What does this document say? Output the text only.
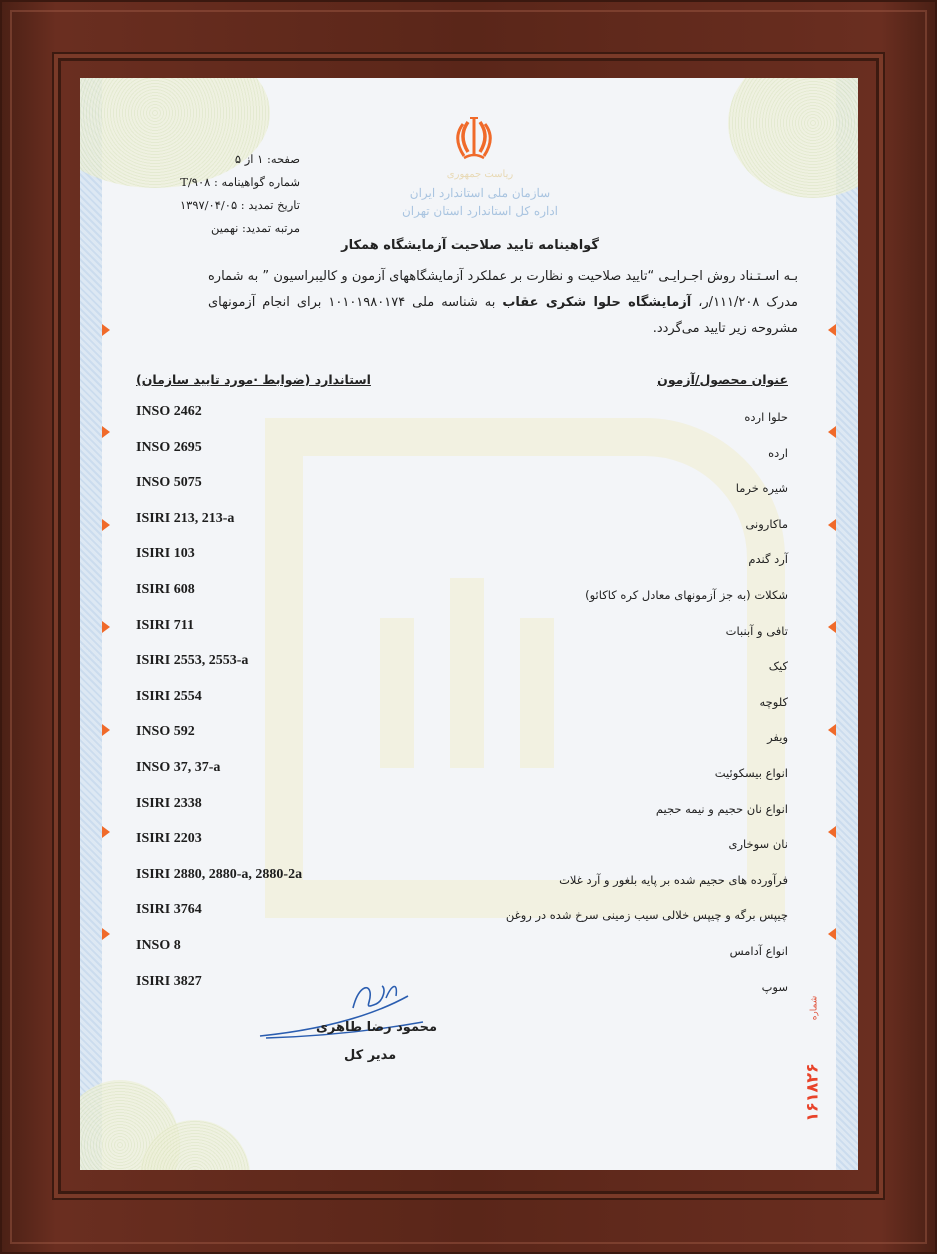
ریاست جمهوری
سازمان ملی استاندارد ایران
اداره کل استاندارد استان تهران
صفحه: ۱ از ۵
شماره گواهینامه : T/۹۰۸
تاریخ تمدید : ۱۳۹۷/۰۴/۰۵
مرتبه تمدید: نهمین
گواهینامه تایید صلاحیت آزمایشگاه همکار
بـه اسـتـناد روش اجـرایـی “تایید صلاحیت و نظارت بر عملکرد آزمایشگاههای آزمون و کالیبراسیون ” به شماره مدرک ۱۱۱/۲۰۸/ر، آزمایشگاه حلوا شکری عقاب به شناسه ملی ۱۰۱۰۱۹۸۰۱۷۴ برای انجام آزمونهای مشروحه زیر تایید می‌گردد.
عنوان محصول/آزمون
استاندارد (ضوابط ·مورد تایید سازمان)
INSO 2462	حلوا ارده
INSO 2695	ارده
INSO 5075	شیره خرما
ISIRI 213, 213-a	ماکارونی
ISIRI 103	آرد گندم
ISIRI 608	شکلات (به جز آزمونهای معادل کره کاکائو)
ISIRI 711	تافی و آبنبات
ISIRI 2553, 2553-a	کیک
ISIRI 2554	کلوچه
INSO 592	ویفر
INSO 37, 37-a	انواع بیسکوئیت
ISIRI 2338	انواع نان حجیم و نیمه حجیم
ISIRI 2203	نان سوخاری
ISIRI 2880, 2880-a, 2880-2a	فرآورده های حجیم شده بر پایه بلغور و آرد غلات
ISIRI 3764	چیپس برگه و چیپس خلالی سیب زمینی سرخ شده در روغن
INSO 8	انواع آدامس
ISIRI 3827	سوپ
محمود رضا طاهری
مدیر کل
شماره
۱۶۱۸۲۶
